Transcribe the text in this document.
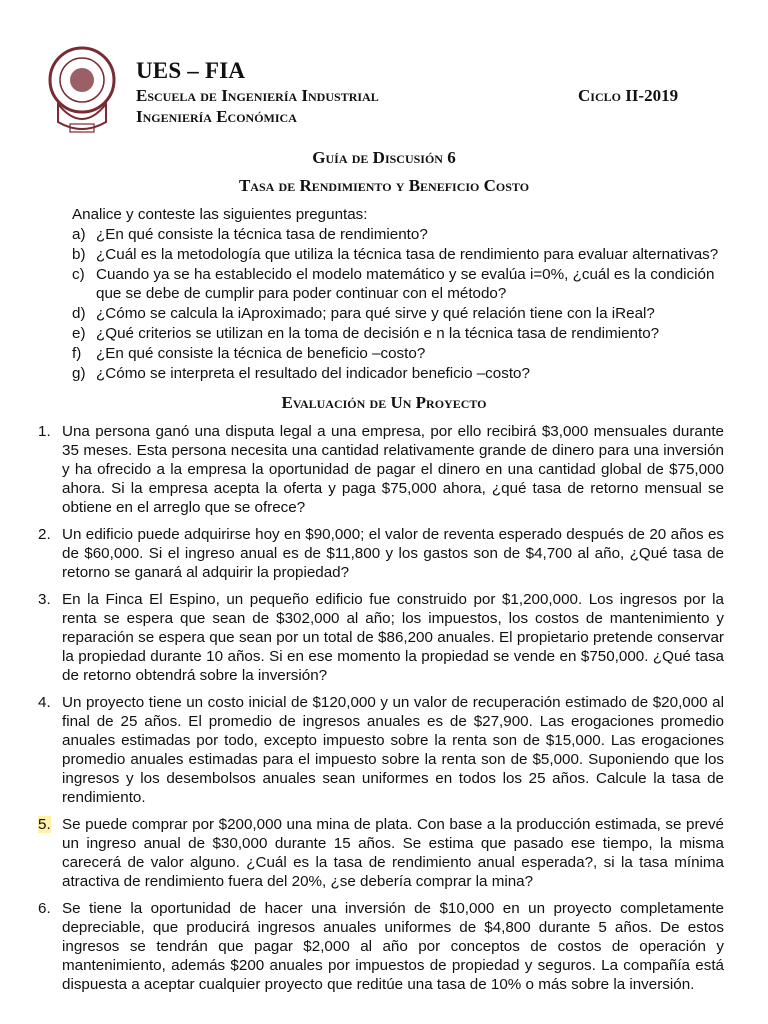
UES – FIA
Escuela de Ingeniería Industrial	Ciclo II-2019
Ingeniería Económica
Guía de Discusión 6
Tasa de Rendimiento y Beneficio Costo
Analice y conteste las siguientes preguntas:
a) ¿En qué consiste la técnica tasa de rendimiento?
b) ¿Cuál es la metodología que utiliza la técnica tasa de rendimiento para evaluar alternativas?
c) Cuando ya se ha establecido el modelo matemático y se evalúa i=0%, ¿cuál es la condición que se debe de cumplir para poder continuar con el método?
d) ¿Cómo se calcula la iAproximado; para qué sirve y qué relación tiene con la iReal?
e) ¿Qué criterios se utilizan en la toma de decisión e n la técnica tasa de rendimiento?
f) ¿En qué consiste la técnica de beneficio –costo?
g) ¿Cómo se interpreta el resultado del indicador beneficio –costo?
Evaluación de Un Proyecto
1. Una persona ganó una disputa legal a una empresa, por ello recibirá $3,000 mensuales durante 35 meses. Esta persona necesita una cantidad relativamente grande de dinero para una inversión y ha ofrecido a la empresa la oportunidad de pagar el dinero en una cantidad global de $75,000 ahora. Si la empresa acepta la oferta y paga $75,000 ahora, ¿qué tasa de retorno mensual se obtiene en el arreglo que se ofrece?
2. Un edificio puede adquirirse hoy en $90,000; el valor de reventa esperado después de 20 años es de $60,000. Si el ingreso anual es de $11,800 y los gastos son de $4,700 al año, ¿Qué tasa de retorno se ganará al adquirir la propiedad?
3. En la Finca El Espino, un pequeño edificio fue construido por $1,200,000. Los ingresos por la renta se espera que sean de $302,000 al año; los impuestos, los costos de mantenimiento y reparación se espera que sean por un total de $86,200 anuales. El propietario pretende conservar la propiedad durante 10 años. Si en ese momento la propiedad se vende en $750,000. ¿Qué tasa de retorno obtendrá sobre la inversión?
4. Un proyecto tiene un costo inicial de $120,000 y un valor de recuperación estimado de $20,000 al final de 25 años. El promedio de ingresos anuales es de $27,900. Las erogaciones promedio anuales estimadas por todo, excepto impuesto sobre la renta son de $15,000. Las erogaciones promedio anuales estimadas para el impuesto sobre la renta son de $5,000. Suponiendo que los ingresos y los desembolsos anuales sean uniformes en todos los 25 años. Calcule la tasa de rendimiento.
5. Se puede comprar por $200,000 una mina de plata. Con base a la producción estimada, se prevé un ingreso anual de $30,000 durante 15 años. Se estima que pasado ese tiempo, la misma carecerá de valor alguno. ¿Cuál es la tasa de rendimiento anual esperada?, si la tasa mínima atractiva de rendimiento fuera del 20%, ¿se debería comprar la mina?
6. Se tiene la oportunidad de hacer una inversión de $10,000 en un proyecto completamente depreciable, que producirá ingresos anuales uniformes de $4,800 durante 5 años. De estos ingresos se tendrán que pagar $2,000 al año por conceptos de costos de operación y mantenimiento, además $200 anuales por impuestos de propiedad y seguros. La compañía está dispuesta a aceptar cualquier proyecto que reditúe una tasa de 10% o más sobre la inversión.
